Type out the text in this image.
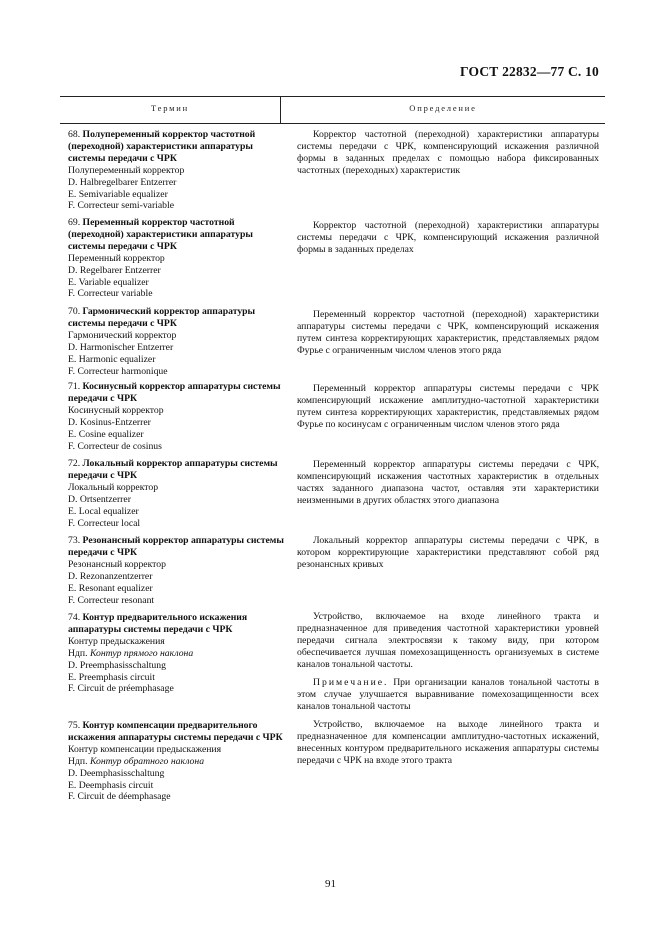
ГОСТ 22832—77 С. 10
Термин	Определение

68. Полупеременный корректор частотной (переходной) характеристики аппаратуры системы передачи с ЧРК

Полупеременный корректор

D. Halbregelbarer Entzerrer

E. Semivariable equalizer

F. Correcteur semi-variable

Корректор частотной (переходной) характеристики аппаратуры системы передачи с ЧРК, компенсирующий искажения различной формы в заданных пределах с помощью набора фиксированных частотных (переходных) характеристик

69. Переменный корректор частотной (переходной) характеристики аппаратуры системы передачи с ЧРК

Переменный корректор

D. Regelbarer Entzerrer

E. Variable equalizer

F. Correcteur variable

Корректор частотной (переходной) характеристики аппаратуры системы передачи с ЧРК, компенсирующий искажения различной формы в заданных пределах

70. Гармонический корректор аппаратуры системы передачи с ЧРК

Гармонический корректор

D. Harmonischer Entzerrer

E. Harmonic equalizer

F. Correcteur harmonique

Переменный корректор частотной (переходной) характеристики аппаратуры системы передачи с ЧРК, компенсирующий искажения путем синтеза корректирующих характеристик, представляемых рядом Фурье с ограниченным числом членов этого ряда

71. Косинусный корректор аппаратуры системы передачи с ЧРК

Косинусный корректор

D. Kosinus-Entzerrer

E. Cosine equalizer

F. Correcteur de cosinus

Переменный корректор аппаратуры системы передачи с ЧРК компенсирующий искажение амплитудно-частотной характеристики путем синтеза корректирующих характеристик, представляемых рядом Фурье по косинусам с ограниченным числом членов этого ряда

72. Локальный корректор аппаратуры системы передачи с ЧРК

Локальный корректор

D. Ortsentzerrer

E. Local equalizer

F. Correcteur local

Переменный корректор аппаратуры системы передачи с ЧРК, компенсирующий искажения частотных характеристик в отдельных частях заданного диапазона частот, оставляя эти характеристики неизменными в других областях этого диапазона

73. Резонансный корректор аппаратуры системы передачи с ЧРК

Резонансный корректор

D. Rezonanzentzerrer

E. Resonant equalizer

F. Correcteur resonant

Локальный корректор аппаратуры системы передачи с ЧРК, в котором корректирующие характеристики представляют собой ряд резонансных кривых

74. Контур предварительного искажения аппаратуры системы передачи с ЧРК

Контур предыскажения

Ндп. Контур прямого наклона

D. Preemphasisschaltung

E. Preemphasis circuit

F. Circuit de préemphasage

Устройство, включаемое на входе линейного тракта и предназначенное для приведения частотной характеристики уровней передачи сигнала электросвязи к такому виду, при котором обеспечивается лучшая помехозащищенность организуемых в системе каналов тональной частоты.

Примечание. При организации каналов тональной частоты в этом случае улучшается выравнивание помехозащищенности всех каналов тональной частоты

75. Контур компенсации предварительного искажения аппаратуры системы передачи с ЧРК

Контур компенсации предыскажения

Ндп. Контур обратного наклона

D. Deemphasisschaltung

E. Deemphasis circuit

F. Circuit de déemphasage

Устройство, включаемое на выходе линейного тракта и предназначенное для компенсации амплитудно-частотных искажений, внесенных контуром предварительного искажения аппаратуры системы передачи с ЧРК на входе этого тракта

91
